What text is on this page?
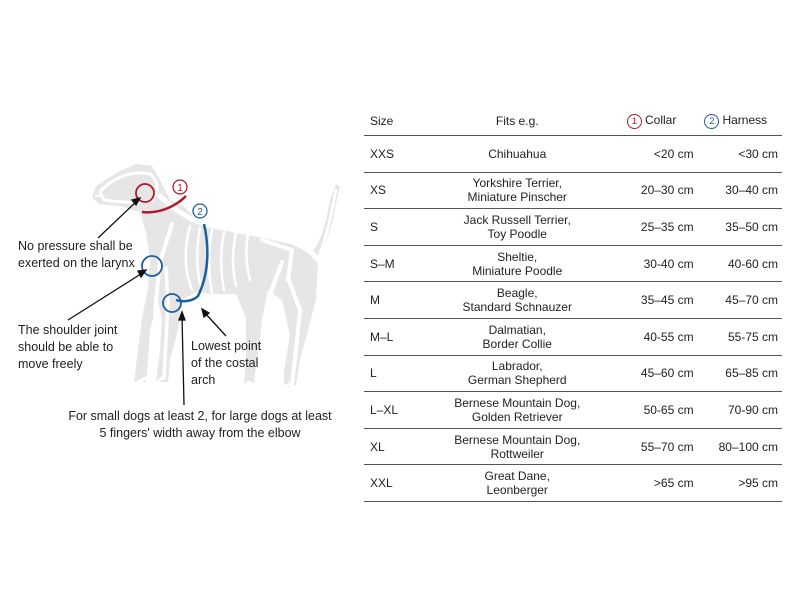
1
2
No pressure shall be
exerted on the larynx
The shoulder joint
should be able to
move freely
Lowest point
of the costal
arch
For small dogs at least 2, for large dogs at least
5 fingers' width away from the elbow
Size	Fits e.g.	1 Collar	2 Harness
XXS	Chihuahua	<20 cm	<30 cm
XS	Yorkshire Terrier,
Miniature Pinscher	20–30 cm	30–40 cm
S	Jack Russell Terrier,
Toy Poodle	25–35 cm	35–50 cm
S–M	Sheltie,
Miniature Poodle	30-40 cm	40-60 cm
M	Beagle,
Standard Schnauzer	35–45 cm	45–70 cm
M–L	Dalmatian,
Border Collie	40-55 cm	55-75 cm
L	Labrador,
German Shepherd	45–60 cm	65–85 cm
L–XL	Bernese Mountain Dog,
Golden Retriever	50-65 cm	70-90 cm
XL	Bernese Mountain Dog,
Rottweiler	55–70 cm	80–100 cm
XXL	Great Dane,
Leonberger	>65 cm	>95 cm
